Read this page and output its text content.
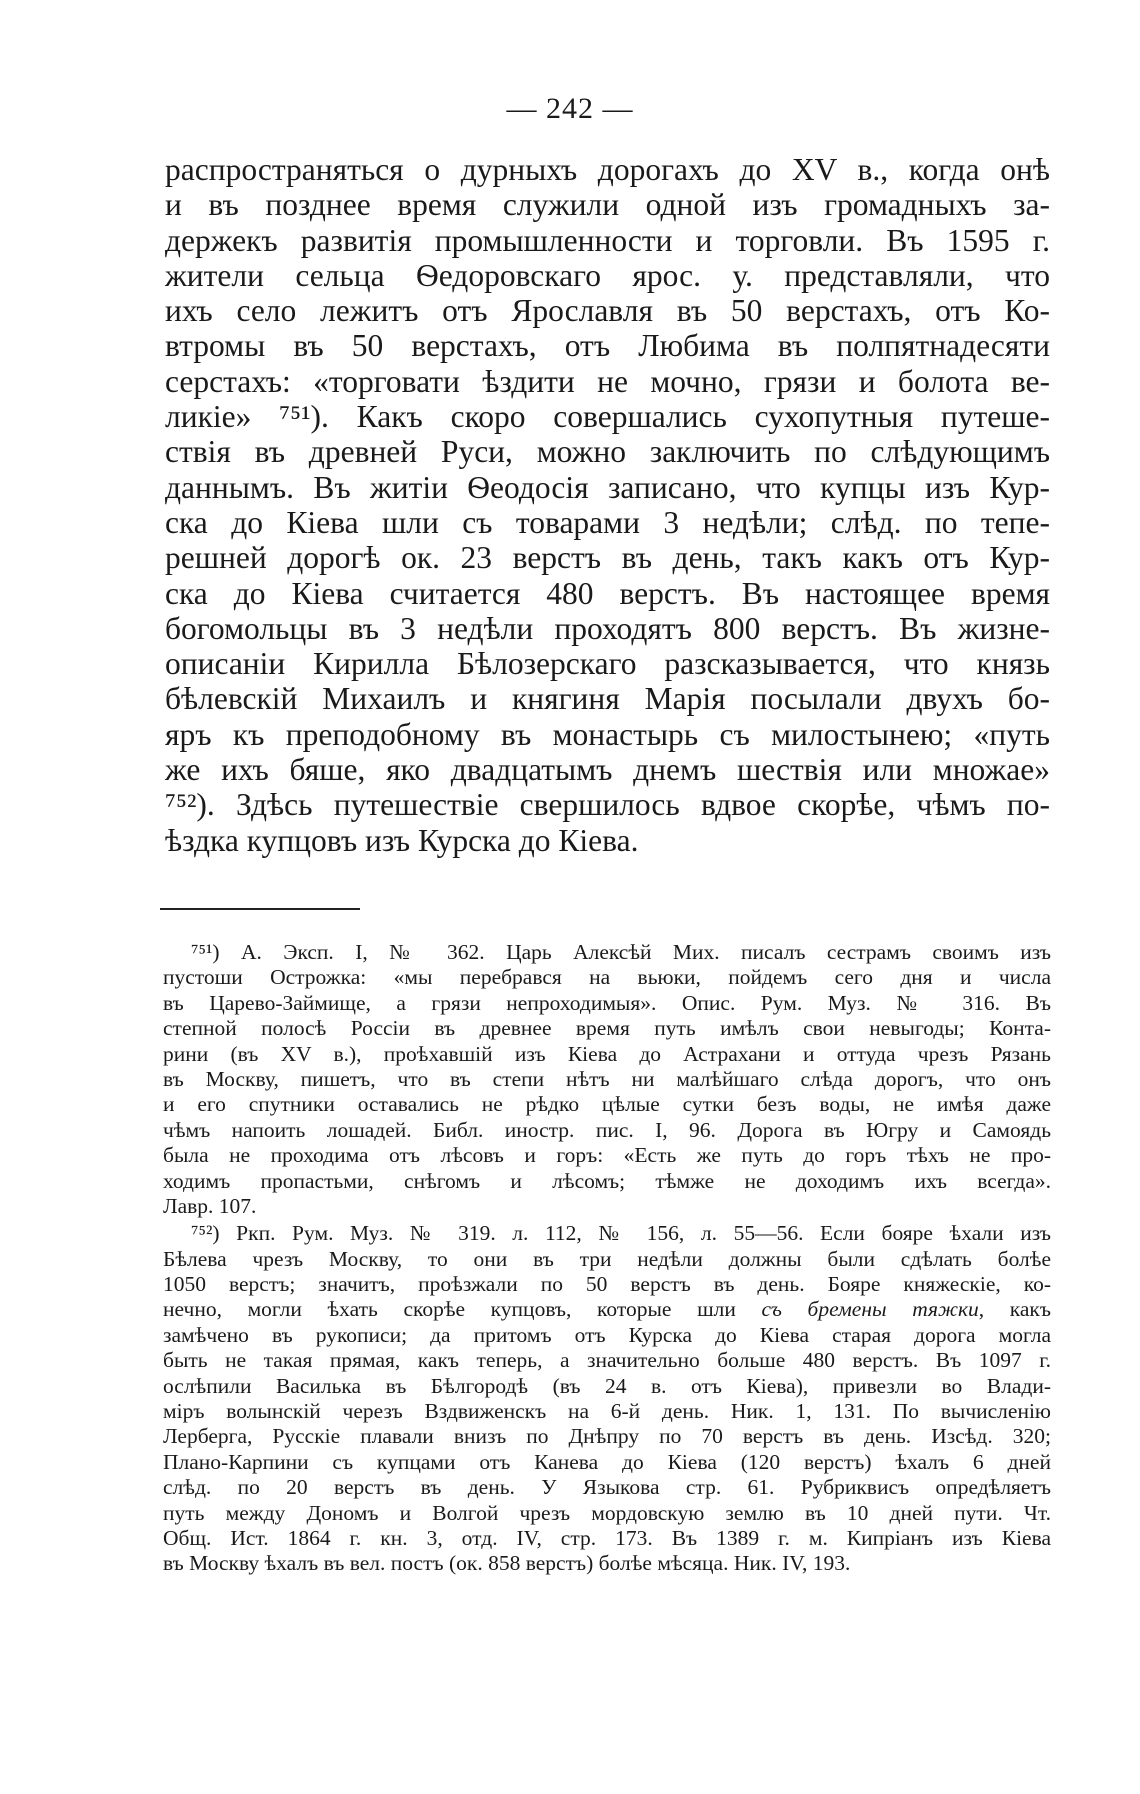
— 242 —
распространяться о дурныхъ дорогахъ до XV в., когда онѣ
и въ позднее время служили одной изъ громадныхъ за-
держекъ развитія промышленности и торговли. Въ 1595 г.
жители сельца Ѳедоровскаго ярос. у. представляли, что
ихъ село лежитъ отъ Ярославля въ 50 верстахъ, отъ Ко-
втромы въ 50 верстахъ, отъ Любима въ полпятнадесяти
серстахъ: «торговати ѣздити не мочно, грязи и болота ве-
ликіе» ⁷⁵¹). Какъ скоро совершались сухопутныя путеше-
ствія въ древней Руси, можно заключить по слѣдующимъ
даннымъ. Въ житіи Ѳеодосія записано, что купцы изъ Кур-
ска до Кіева шли съ товарами 3 недѣли; слѣд. по тепе-
решней дорогѣ ок. 23 верстъ въ день, такъ какъ отъ Кур-
ска до Кіева считается 480 верстъ. Въ настоящее время
богомольцы въ 3 недѣли проходятъ 800 верстъ. Въ жизне-
описаніи Кирилла Бѣлозерскаго разсказывается, что князь
бѣлевскій Михаилъ и княгиня Марія посылали двухъ бо-
яръ къ преподобному въ монастырь съ милостынею; «путь
же ихъ бяше, яко двадцатымъ днемъ шествія или множае»
⁷⁵²). Здѣсь путешествіе свершилось вдвое скорѣе, чѣмъ по-
ѣздка купцовъ изъ Курска до Кіева.
⁷⁵¹) А. Эксп. I, № 362. Царь Алексѣй Мих. писалъ сестрамъ своимъ изъ
пустоши Острожка: «мы перебрався на вьюки, пойдемъ сего дня и числа
въ Царево-Займище, а грязи непроходимыя». Опис. Рум. Муз. № 316. Въ
степной полосѣ Россіи въ древнее время путь имѣлъ свои невыгоды; Конта-
рини (въ XV в.), проѣхавшій изъ Кіева до Астрахани и оттуда чрезъ Рязань
въ Москву, пишетъ, что въ степи нѣтъ ни малѣйшаго слѣда дорогъ, что онъ
и его спутники оставались не рѣдко цѣлые сутки безъ воды, не имѣя даже
чѣмъ напоить лошадей. Библ. иностр. пис. I, 96. Дорога въ Югру и Самоядь
была не проходима отъ лѣсовъ и горъ: «Есть же путь до горъ тѣхъ не про-
ходимъ пропастьми, снѣгомъ и лѣсомъ; тѣмже не доходимъ ихъ всегда».
Лавр. 107.
⁷⁵²) Ркп. Рум. Муз. № 319. л. 112, № 156, л. 55—56. Если бояре ѣхали изъ
Бѣлева чрезъ Москву, то они въ три недѣли должны были сдѣлать болѣе
1050 верстъ; значитъ, проѣзжали по 50 верстъ въ день. Бояре княжескіе, ко-
нечно, могли ѣхать скорѣе купцовъ, которые шли съ бремены тяжки, какъ
замѣчено въ рукописи; да притомъ отъ Курска до Кіева старая дорога могла
быть не такая прямая, какъ теперь, а значительно больше 480 верстъ. Въ 1097 г.
ослѣпили Василька въ Бѣлгородѣ (въ 24 в. отъ Кіева), привезли во Влади-
міръ волынскій черезъ Вздвиженскъ на 6-й день. Ник. 1, 131. По вычисленію
Лерберга, Русскіе плавали внизъ по Днѣпру по 70 верстъ въ день. Изсѣд. 320;
Плано-Карпини съ купцами отъ Канева до Кіева (120 верстъ) ѣхалъ 6 дней
слѣд. по 20 верстъ въ день. У Языкова стр. 61. Рубриквисъ опредѣляетъ
путь между Дономъ и Волгой чрезъ мордовскую землю въ 10 дней пути. Чт.
Общ. Ист. 1864 г. кн. 3, отд. IV, стр. 173. Въ 1389 г. м. Кипріанъ изъ Кіева
въ Москву ѣхалъ въ вел. постъ (ок. 858 верстъ) болѣе мѣсяца. Ник. IV, 193.
